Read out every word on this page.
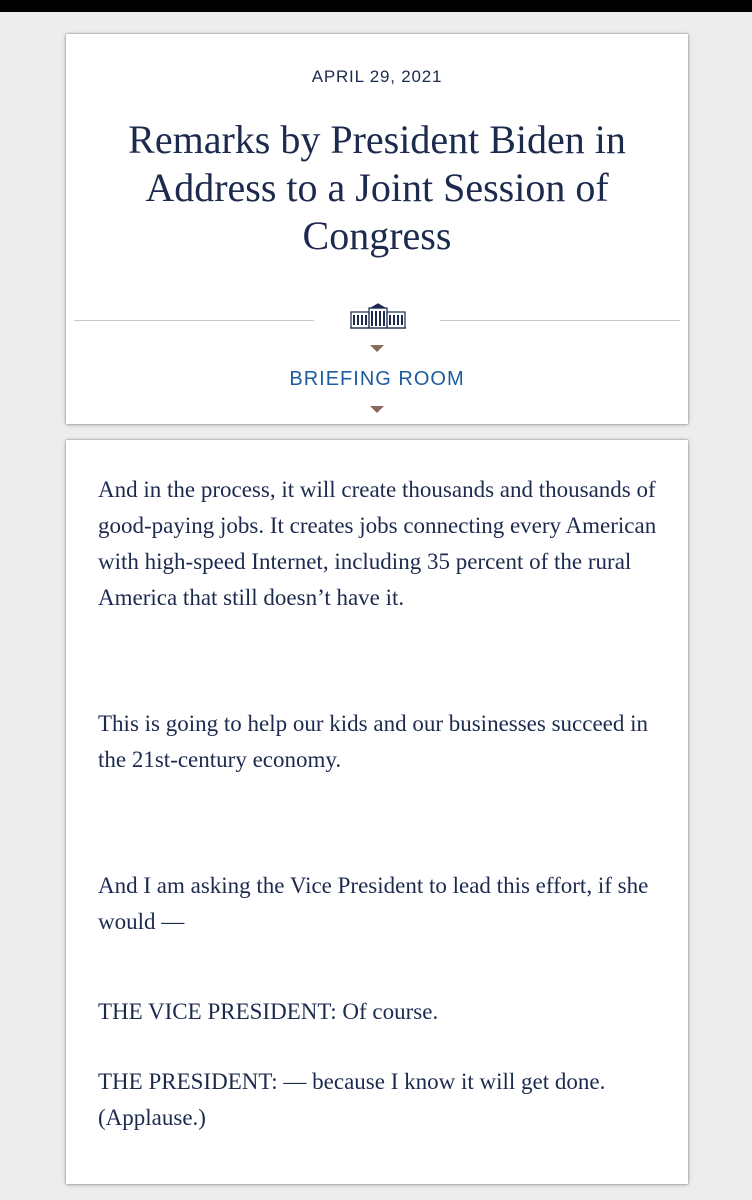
APRIL 29, 2021
Remarks by President Biden in Address to a Joint Session of Congress
BRIEFING ROOM

And in the process, it will create thousands and thousands of good-paying jobs. It creates jobs connecting every American with high-speed Internet, including 35 percent of the rural America that still doesn’t have it.

This is going to help our kids and our businesses succeed in the 21st-century economy.

And I am asking the Vice President to lead this effort, if she would —

THE VICE PRESIDENT: Of course.

THE PRESIDENT: — because I know it will get done. (Applause.)
